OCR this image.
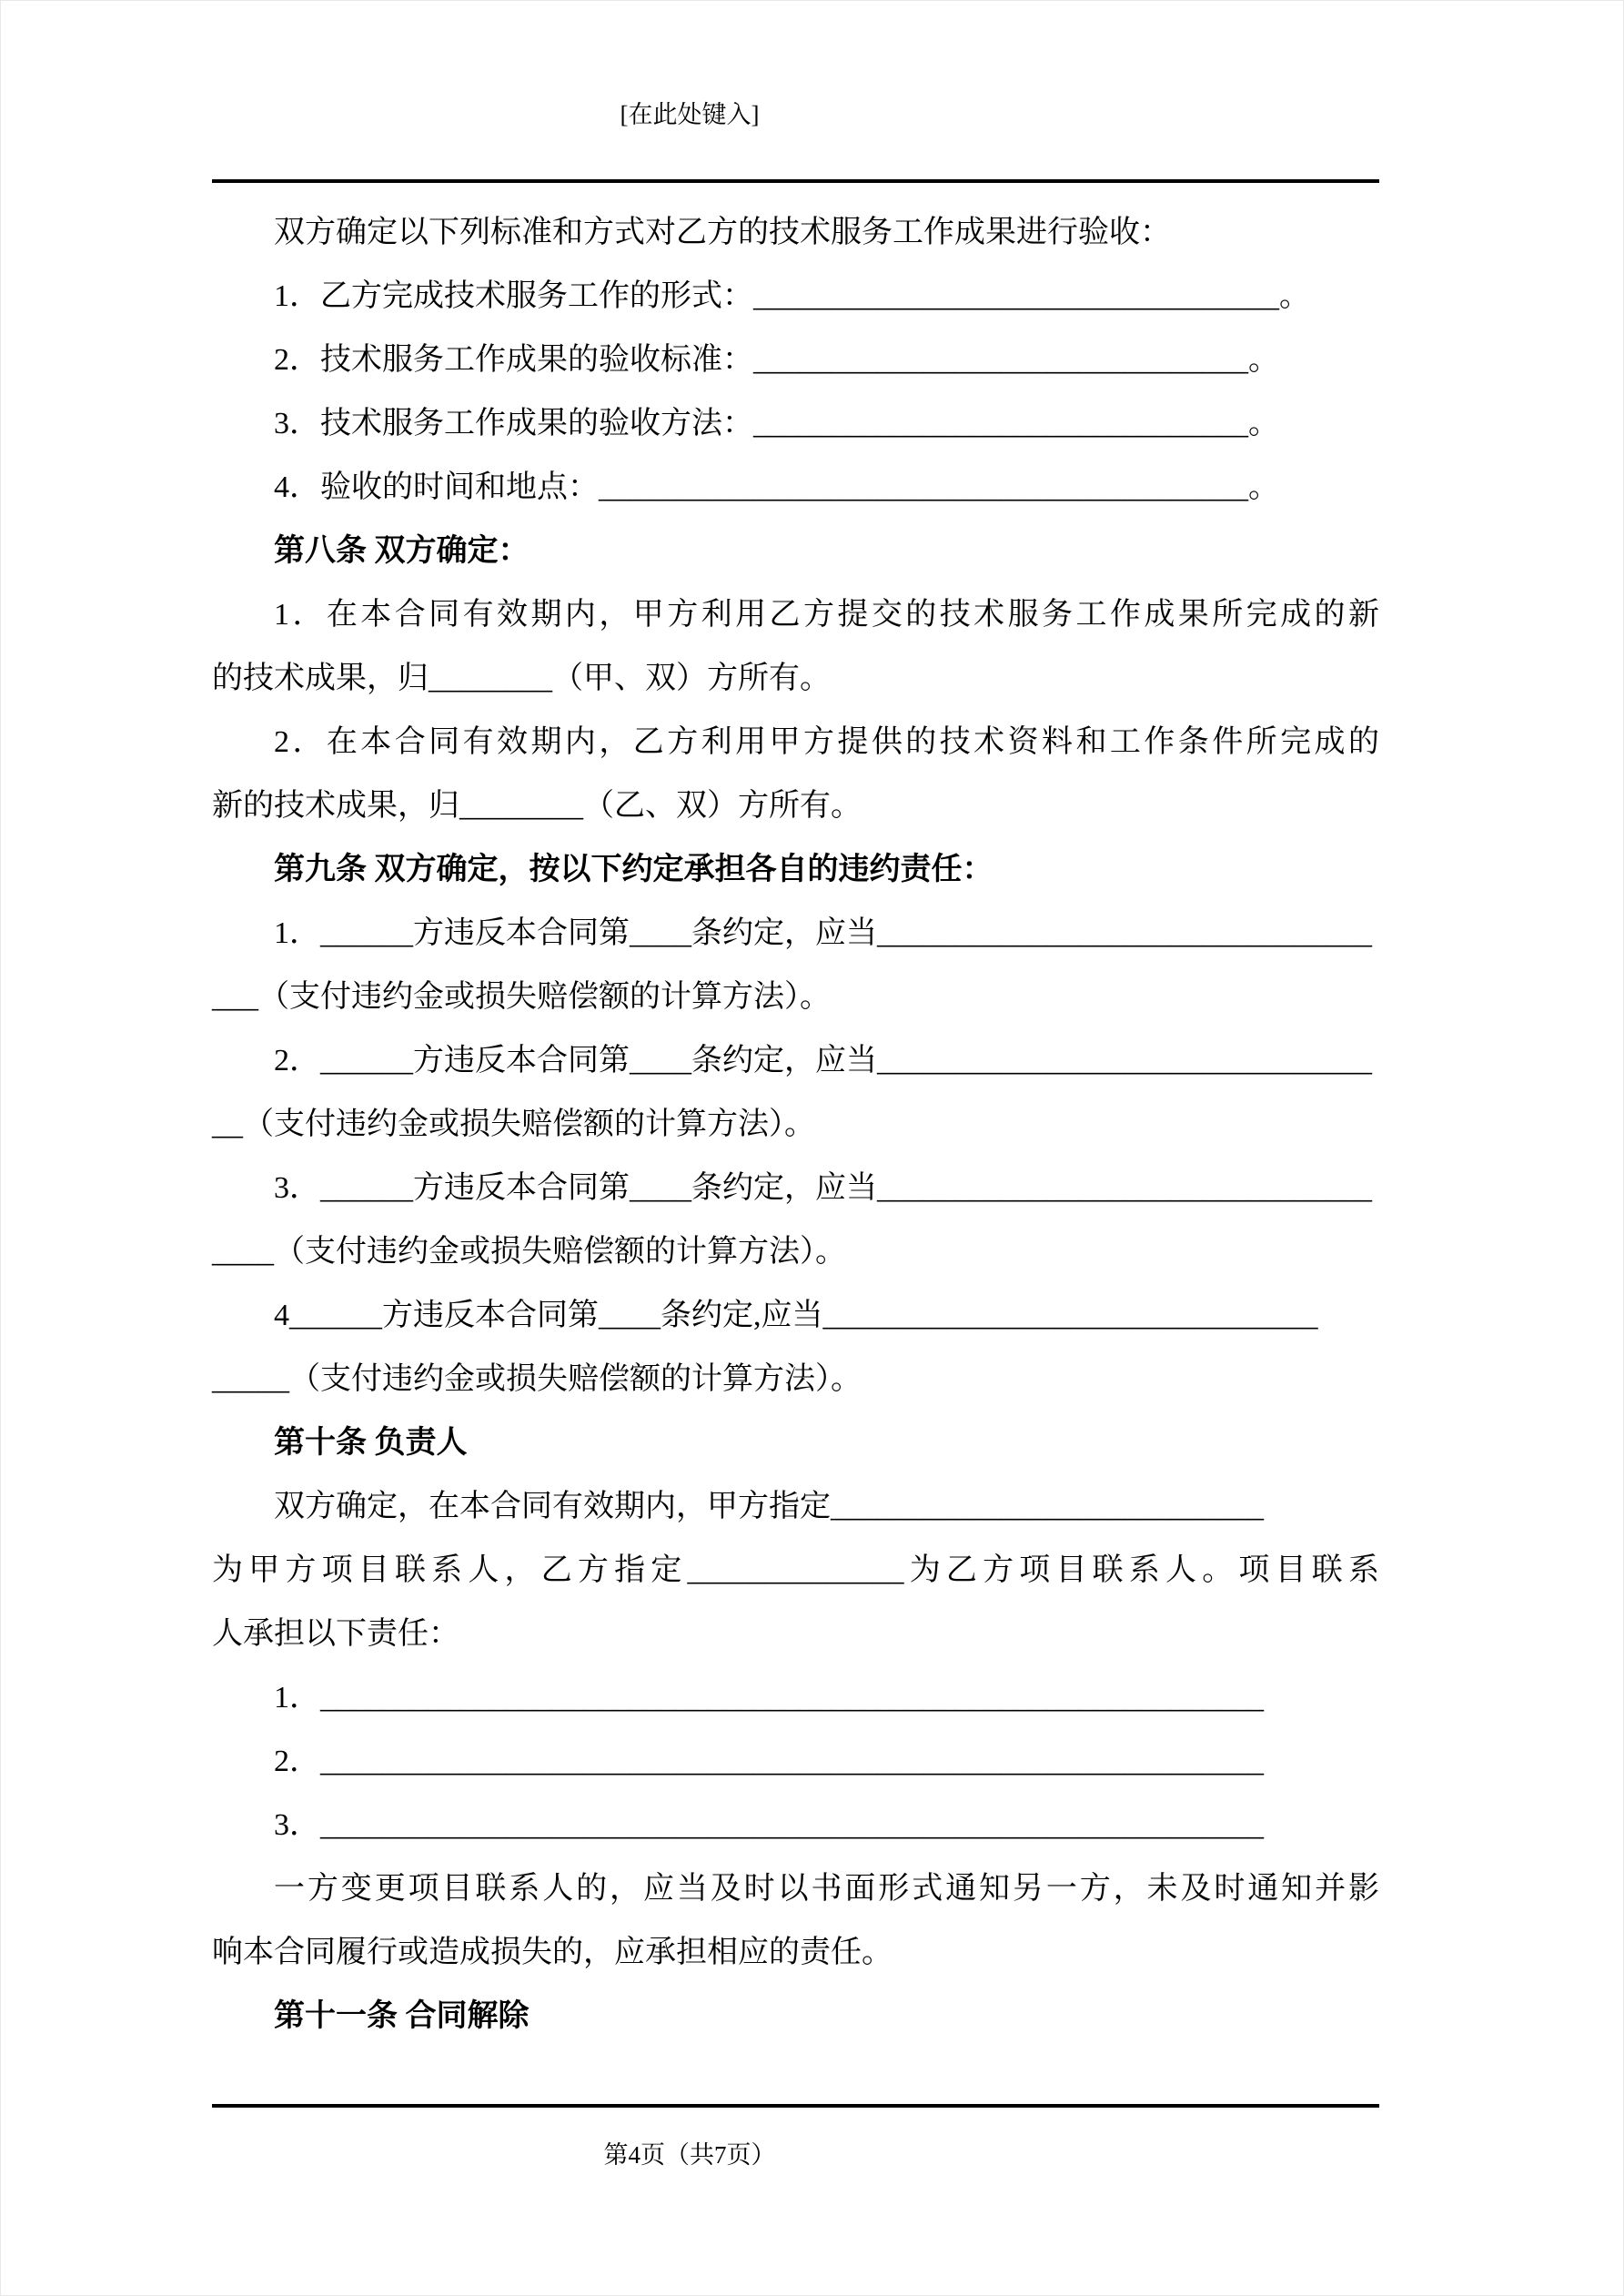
[在此处键入]
双方确定以下列标准和方式对乙方的技术服务工作成果进行验收：
1．乙方完成技术服务工作的形式：__________________________________。
2．技术服务工作成果的验收标准：________________________________。
3．技术服务工作成果的验收方法：________________________________。
4．验收的时间和地点：__________________________________________。
第八条 双方确定：
1．在本合同有效期内，甲方利用乙方提交的技术服务工作成果所完成的新
的技术成果，归________（甲、双）方所有。
2．在本合同有效期内，乙方利用甲方提供的技术资料和工作条件所完成的
新的技术成果，归________（乙、双）方所有。
第九条 双方确定，按以下约定承担各自的违约责任：
1．______方违反本合同第____条约定，应当________________________________
___（支付违约金或损失赔偿额的计算方法）。
2．______方违反本合同第____条约定，应当________________________________
__（支付违约金或损失赔偿额的计算方法）。
3．______方违反本合同第____条约定，应当________________________________
____（支付违约金或损失赔偿额的计算方法）。
4______方违反本合同第____条约定,应当________________________________
_____（支付违约金或损失赔偿额的计算方法）。
第十条 负责人
双方确定，在本合同有效期内，甲方指定____________________________
为甲方项目联系人，乙方指定______________为乙方项目联系人。项目联系
人承担以下责任：
1．_____________________________________________________________
2．_____________________________________________________________
3．_____________________________________________________________
一方变更项目联系人的，应当及时以书面形式通知另一方，未及时通知并影
响本合同履行或造成损失的，应承担相应的责任。
第十一条 合同解除
第4页（共7页）
